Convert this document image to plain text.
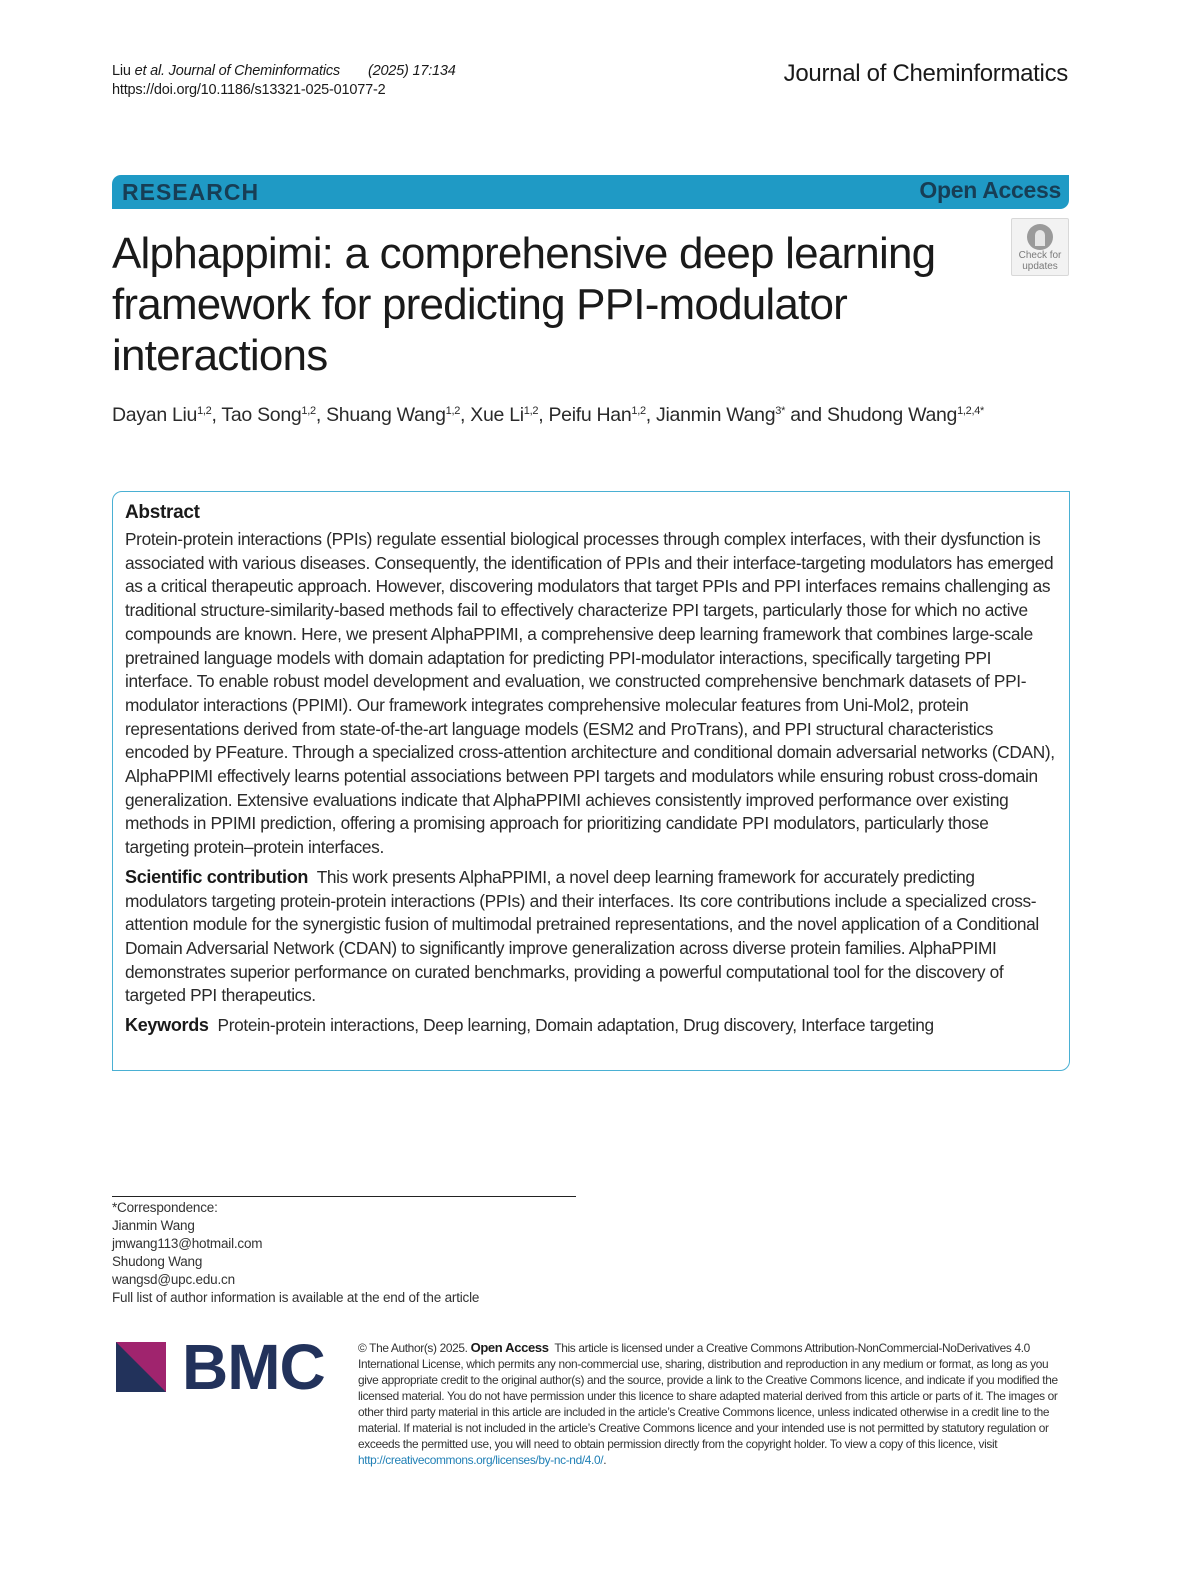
Liu et al. Journal of Cheminformatics (2025) 17:134
https://doi.org/10.1186/s13321-025-01077-2
Journal of Cheminformatics
RESEARCH	Open Access
Alphappimi: a comprehensive deep learning framework for predicting PPI-modulator interactions
Check for
updates
Dayan Liu$^{1,2}$, Tao Song$^{1,2}$, Shuang Wang$^{1,2}$, Xue Li$^{1,2}$, Peifu Han$^{1,2}$, Jianmin Wang$^{3*}$ and Shudong Wang$^{1,2,4*}$
Abstract

Protein-protein interactions (PPIs) regulate essential biological processes through complex interfaces, with their dysfunction is associated with various diseases. Consequently, the identification of PPIs and their interface-targeting modulators has emerged as a critical therapeutic approach. However, discovering modulators that target PPIs and PPI interfaces remains challenging as traditional structure-similarity-based methods fail to effectively characterize PPI targets, particularly those for which no active compounds are known. Here, we present AlphaPPIMI, a comprehensive deep learning framework that combines large-scale pretrained language models with domain adaptation for predicting PPI-modulator interactions, specifically targeting PPI interface. To enable robust model development and evaluation, we constructed comprehensive benchmark datasets of PPI-modulator interactions (PPIMI). Our framework integrates comprehensive molecular features from Uni-Mol2, protein representations derived from state-of-the-art language models (ESM2 and ProTrans), and PPI structural characteristics encoded by PFeature. Through a specialized cross-attention architecture and conditional domain adversarial networks (CDAN), AlphaPPIMI effectively learns potential associations between PPI targets and modulators while ensuring robust cross-domain generalization. Extensive evaluations indicate that AlphaPPIMI achieves consistently improved performance over existing methods in PPIMI prediction, offering a promising approach for prioritizing candidate PPI modulators, particularly those targeting protein–protein interfaces.

Scientific contribution This work presents AlphaPPIMI, a novel deep learning framework for accurately predicting modulators targeting protein-protein interactions (PPIs) and their interfaces. Its core contributions include a specialized cross-attention module for the synergistic fusion of multimodal pretrained representations, and the novel application of a Conditional Domain Adversarial Network (CDAN) to significantly improve generalization across diverse protein families. AlphaPPIMI demonstrates superior performance on curated benchmarks, providing a powerful computational tool for the discovery of targeted PPI therapeutics.

Keywords Protein-protein interactions, Deep learning, Domain adaptation, Drug discovery, Interface targeting

*Correspondence:
Jianmin Wang
jmwang113@hotmail.com
Shudong Wang
wangsd@upc.edu.cn
Full list of author information is available at the end of the article
BMC	© The Author(s) 2025. Open Access This article is licensed under a Creative Commons Attribution-NonCommercial-NoDerivatives 4.0 International License, which permits any non-commercial use, sharing, distribution and reproduction in any medium or format, as long as you give appropriate credit to the original author(s) and the source, provide a link to the Creative Commons licence, and indicate if you modified the licensed material. You do not have permission under this licence to share adapted material derived from this article or parts of it. The images or other third party material in this article are included in the article’s Creative Commons licence, unless indicated otherwise in a credit line to the material. If material is not included in the article’s Creative Commons licence and your intended use is not permitted by statutory regulation or exceeds the permitted use, you will need to obtain permission directly from the copyright holder. To view a copy of this licence, visit http://creativecommons.org/licenses/by-nc-nd/4.0/.
